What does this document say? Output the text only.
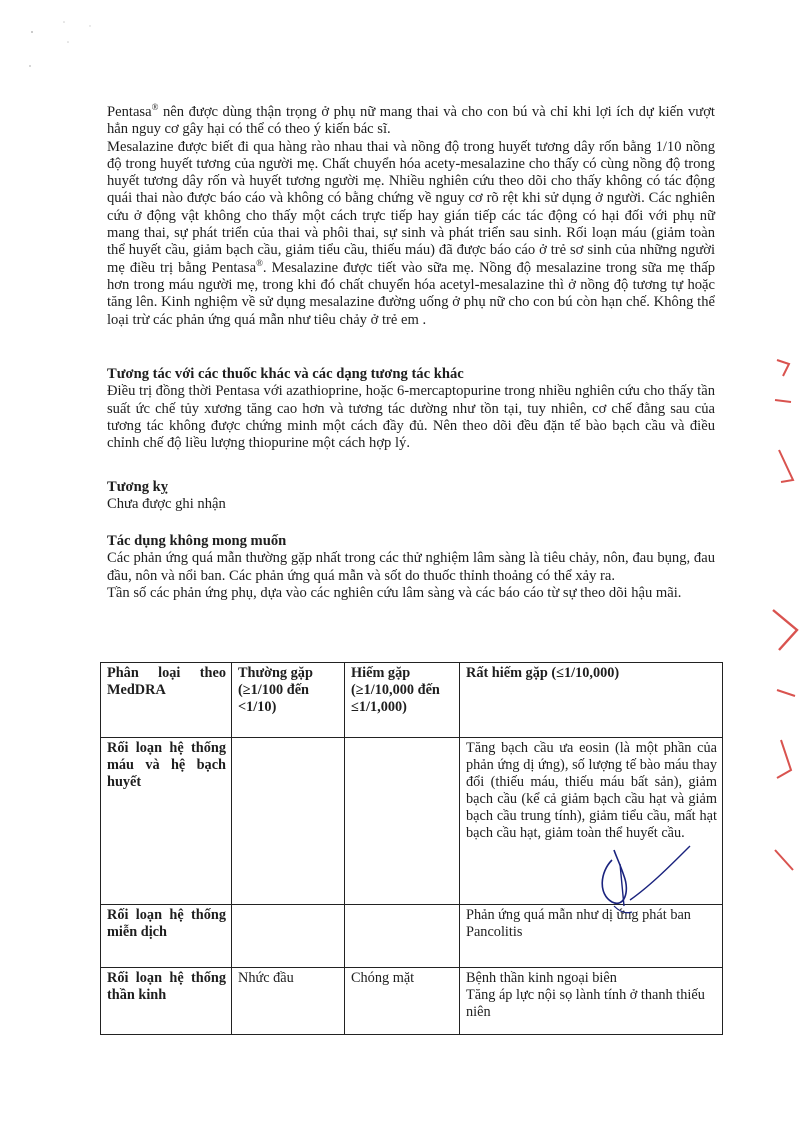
Pentasa® nên được dùng thận trọng ở phụ nữ mang thai và cho con bú và chỉ khi lợi ích dự kiến vượt hẳn nguy cơ gây hại có thể có theo ý kiến bác sĩ.

Mesalazine được biết đi qua hàng rào nhau thai và nồng độ trong huyết tương dây rốn bằng 1/10 nồng độ trong huyết tương của người mẹ. Chất chuyển hóa acety-mesalazine cho thấy có cùng nồng độ trong huyết tương dây rốn và huyết tương người mẹ. Nhiều nghiên cứu theo dõi cho thấy không có tác động quái thai nào được báo cáo và không có bằng chứng về nguy cơ rõ rệt khi sử dụng ở người. Các nghiên cứu ở động vật không cho thấy một cách trực tiếp hay gián tiếp các tác động có hại đối với phụ nữ mang thai, sự phát triển của thai và phôi thai, sự sinh và phát triển sau sinh. Rối loạn máu (giảm toàn thể huyết cầu, giảm bạch cầu, giảm tiểu cầu, thiếu máu) đã được báo cáo ở trẻ sơ sinh của những người mẹ điều trị bằng Pentasa®. Mesalazine được tiết vào sữa mẹ. Nồng độ mesalazine trong sữa mẹ thấp hơn trong máu người mẹ, trong khi đó chất chuyển hóa acetyl-mesalazine thì ở nồng độ tương tự hoặc tăng lên. Kinh nghiệm về sử dụng mesalazine đường uống ở phụ nữ cho con bú còn hạn chế. Không thể loại trừ các phản ứng quá mẫn như tiêu chảy ở trẻ em .

Tương tác với các thuốc khác và các dạng tương tác khác

Điều trị đồng thời Pentasa với azathioprine, hoặc 6-mercaptopurine trong nhiều nghiên cứu cho thấy tần suất ức chế tủy xương tăng cao hơn và tương tác dường như tồn tại, tuy nhiên, cơ chế đằng sau của tương tác không được chứng minh một cách đầy đủ. Nên theo dõi đều đặn tế bào bạch cầu và điều chỉnh chế độ liều lượng thiopurine một cách hợp lý.

Tương kỵ

Chưa được ghi nhận

Tác dụng không mong muốn

Các phản ứng quá mẫn thường gặp nhất trong các thử nghiệm lâm sàng là tiêu chảy, nôn, đau bụng, đau đầu, nôn và nổi ban. Các phản ứng quá mẫn và sốt do thuốc thỉnh thoảng có thể xảy ra.

Tần số các phản ứng phụ, dựa vào các nghiên cứu lâm sàng và các báo cáo từ sự theo dõi hậu mãi.

Phân loại theo MedDRA	Thường gặp (≥1/100 đến <1/10)	Hiếm gặp (≥1/10,000 đến ≤1/1,000)	Rất hiếm gặp (≤1/10,000)
Rối loạn hệ thống máu và hệ bạch huyết			Tăng bạch cầu ưa eosin (là một phần của phản ứng dị ứng), số lượng tế bào máu thay đổi (thiếu máu, thiếu máu bất sản), giảm bạch cầu (kể cả giảm bạch cầu hạt và giảm bạch cầu trung tính), giảm tiểu cầu, mất hạt bạch cầu hạt, giảm toàn thể huyết cầu.

Rối loạn hệ thống miễn dịch			Phản ứng quá mẫn như dị ứng phát ban
Pancolitis

Rối loạn hệ thống thần kinh	Nhức đầu	Chóng mặt	Bệnh thần kinh ngoại biên
Tăng áp lực nội sọ lành tính ở thanh thiếu niên
